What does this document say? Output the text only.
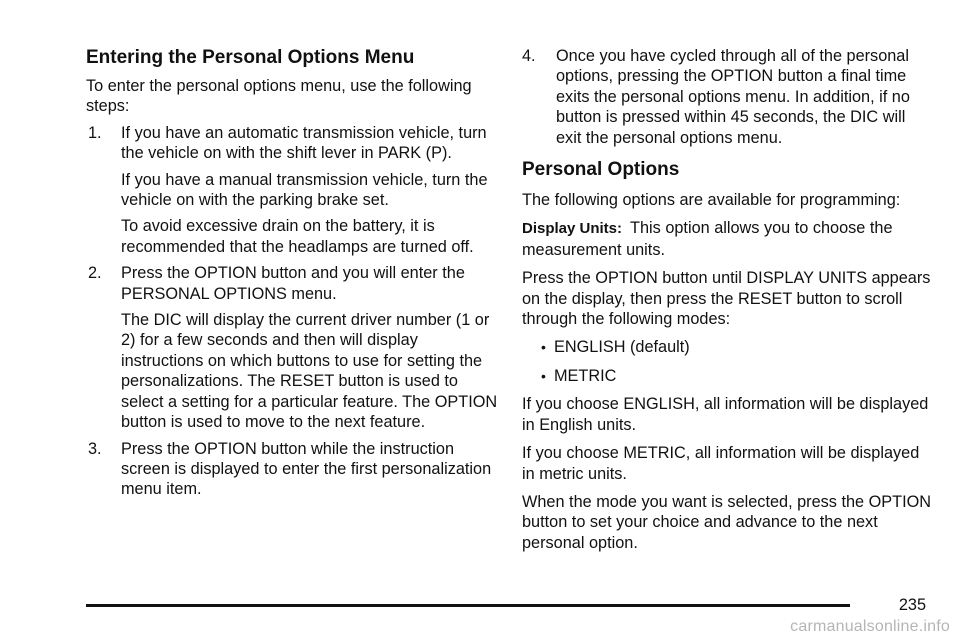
Entering the Personal Options Menu

To enter the personal options menu, use the following steps:

1. If you have an automatic transmission vehicle, turn the vehicle on with the shift lever in PARK (P).

If you have a manual transmission vehicle, turn the vehicle on with the parking brake set.

To avoid excessive drain on the battery, it is recommended that the headlamps are turned off.

2. Press the OPTION button and you will enter the PERSONAL OPTIONS menu.

The DIC will display the current driver number (1 or 2) for a few seconds and then will display instructions on which buttons to use for setting the personalizations. The RESET button is used to select a setting for a particular feature. The OPTION button is used to move to the next feature.

3. Press the OPTION button while the instruction screen is displayed to enter the first personalization menu item.

4. Once you have cycled through all of the personal options, pressing the OPTION button a final time exits the personal options menu. In addition, if no button is pressed within 45 seconds, the DIC will exit the personal options menu.

Personal Options

The following options are available for programming:

Display Units: This option allows you to choose the measurement units.

Press the OPTION button until DISPLAY UNITS appears on the display, then press the RESET button to scroll through the following modes:

• ENGLISH (default)
• METRIC

If you choose ENGLISH, all information will be displayed in English units.

If you choose METRIC, all information will be displayed in metric units.

When the mode you want is selected, press the OPTION button to set your choice and advance to the next personal option.

235
carmanualsonline.info
